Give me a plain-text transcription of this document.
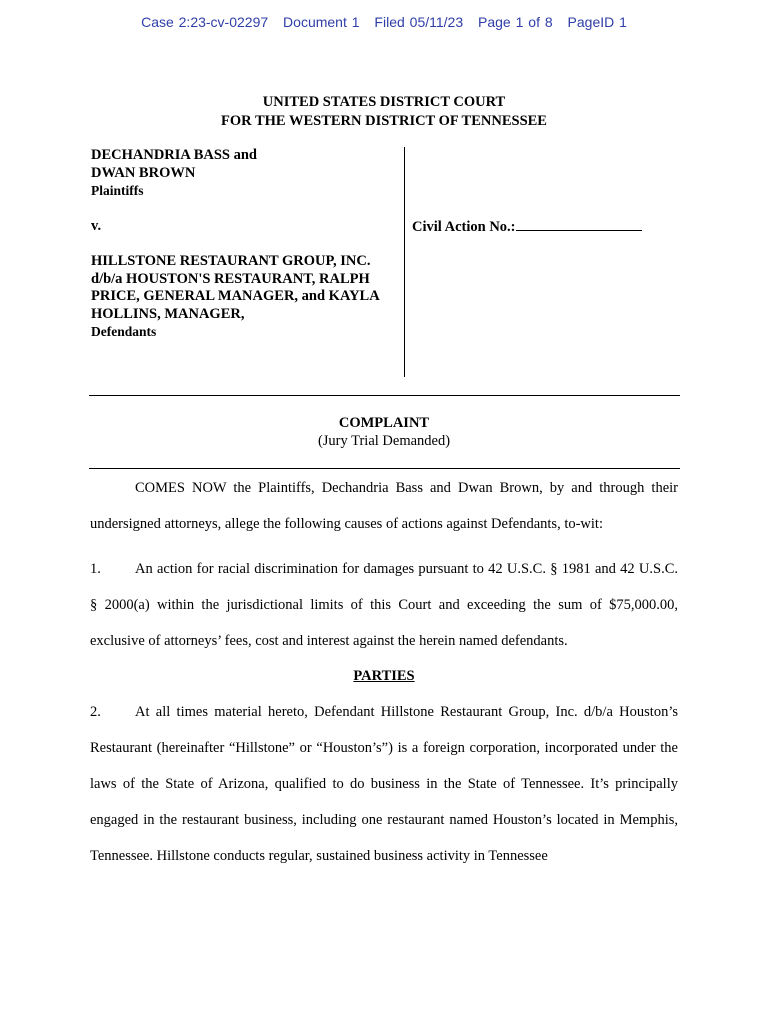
Case 2:23-cv-02297 Document 1 Filed 05/11/23 Page 1 of 8 PageID 1
UNITED STATES DISTRICT COURT
FOR THE WESTERN DISTRICT OF TENNESSEE
DECHANDRIA BASS and
DWAN BROWN
Plaintiffs
v.
HILLSTONE RESTAURANT GROUP, INC.
d/b/a HOUSTON'S RESTAURANT, RALPH
PRICE, GENERAL MANAGER, and KAYLA
HOLLINS, MANAGER,
Defendants
Civil Action No.:
COMPLAINT
(Jury Trial Demanded)
COMES NOW the Plaintiffs, Dechandria Bass and Dwan Brown, by and through their undersigned attorneys, allege the following causes of actions against Defendants, to-wit:
1. An action for racial discrimination for damages pursuant to 42 U.S.C. § 1981 and 42 U.S.C. § 2000(a) within the jurisdictional limits of this Court and exceeding the sum of $75,000.00, exclusive of attorneys’ fees, cost and interest against the herein named defendants.
PARTIES
2. At all times material hereto, Defendant Hillstone Restaurant Group, Inc. d/b/a Houston’s Restaurant (hereinafter “Hillstone” or “Houston’s”) is a foreign corporation, incorporated under the laws of the State of Arizona, qualified to do business in the State of Tennessee. It’s principally engaged in the restaurant business, including one restaurant named Houston’s located in Memphis, Tennessee. Hillstone conducts regular, sustained business activity in Tennessee
